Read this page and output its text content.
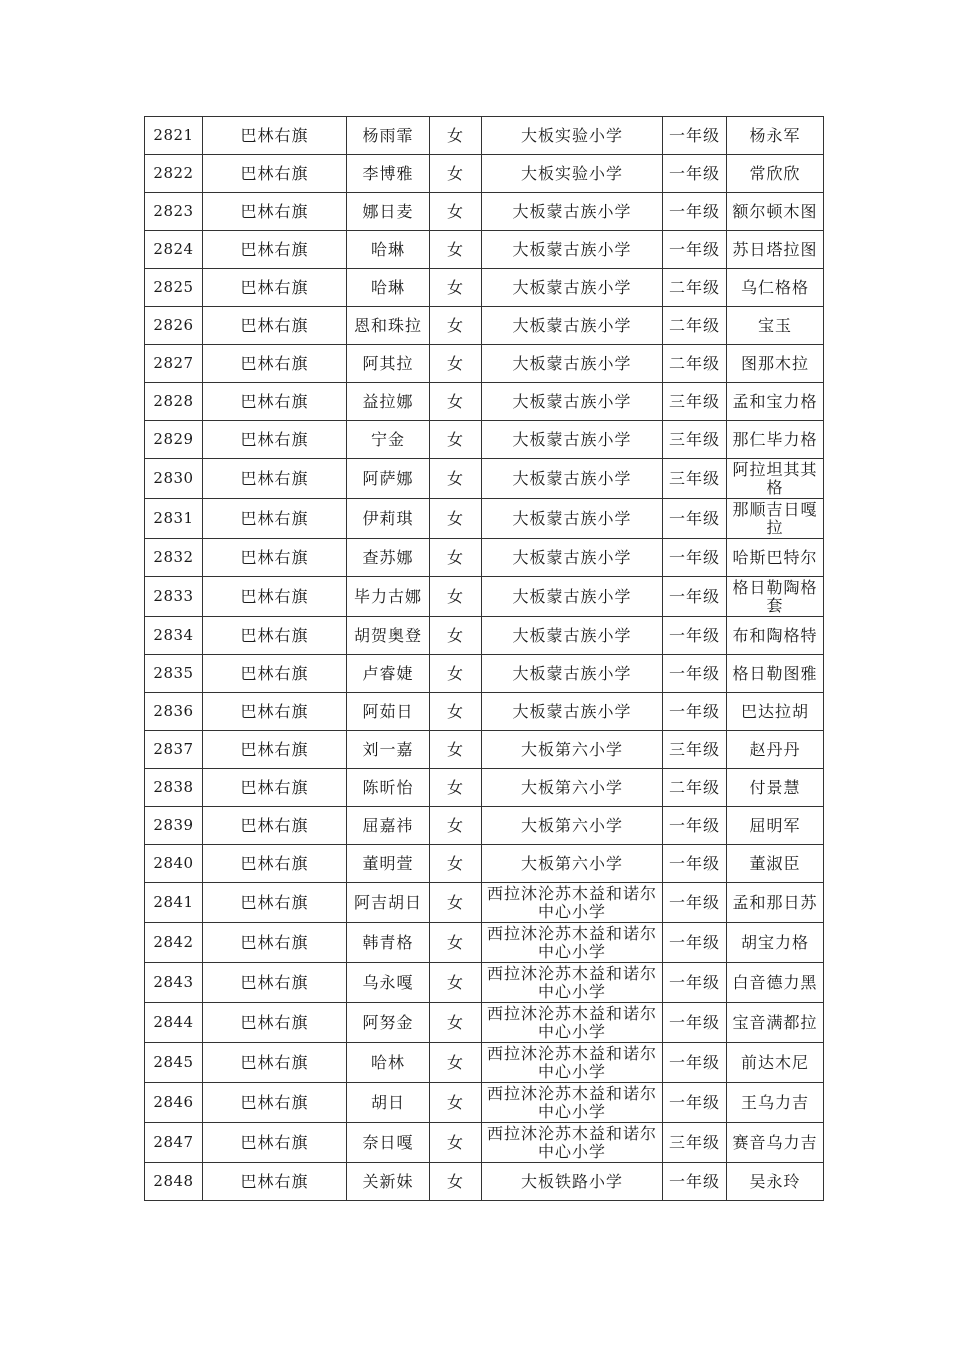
2821	巴林右旗	杨雨霏	女	大板实验小学	一年级	杨永军
2822	巴林右旗	李博雅	女	大板实验小学	一年级	常欣欣
2823	巴林右旗	娜日麦	女	大板蒙古族小学	一年级	额尔顿木图
2824	巴林右旗	哈琳	女	大板蒙古族小学	一年级	苏日塔拉图
2825	巴林右旗	哈琳	女	大板蒙古族小学	二年级	乌仁格格
2826	巴林右旗	恩和珠拉	女	大板蒙古族小学	二年级	宝玉
2827	巴林右旗	阿其拉	女	大板蒙古族小学	二年级	图那木拉
2828	巴林右旗	益拉娜	女	大板蒙古族小学	三年级	孟和宝力格
2829	巴林右旗	宁金	女	大板蒙古族小学	三年级	那仁毕力格
2830	巴林右旗	阿萨娜	女	大板蒙古族小学	三年级	阿拉坦其其格
2831	巴林右旗	伊莉琪	女	大板蒙古族小学	一年级	那顺吉日嘎拉
2832	巴林右旗	查苏娜	女	大板蒙古族小学	一年级	哈斯巴特尔
2833	巴林右旗	毕力古娜	女	大板蒙古族小学	一年级	格日勒陶格套
2834	巴林右旗	胡贺奥登	女	大板蒙古族小学	一年级	布和陶格特
2835	巴林右旗	卢睿婕	女	大板蒙古族小学	一年级	格日勒图雅
2836	巴林右旗	阿茹日	女	大板蒙古族小学	一年级	巴达拉胡
2837	巴林右旗	刘一嘉	女	大板第六小学	三年级	赵丹丹
2838	巴林右旗	陈昕怡	女	大板第六小学	二年级	付景慧
2839	巴林右旗	屈嘉祎	女	大板第六小学	一年级	屈明军
2840	巴林右旗	董明萱	女	大板第六小学	一年级	董淑臣
2841	巴林右旗	阿吉胡日	女	西拉沐沦苏木益和诺尔中心小学	一年级	孟和那日苏
2842	巴林右旗	韩青格	女	西拉沐沦苏木益和诺尔中心小学	一年级	胡宝力格
2843	巴林右旗	乌永嘎	女	西拉沐沦苏木益和诺尔中心小学	一年级	白音德力黑
2844	巴林右旗	阿努金	女	西拉沐沦苏木益和诺尔中心小学	一年级	宝音满都拉
2845	巴林右旗	哈林	女	西拉沐沦苏木益和诺尔中心小学	一年级	前达木尼
2846	巴林右旗	胡日	女	西拉沐沦苏木益和诺尔中心小学	一年级	王乌力吉
2847	巴林右旗	奈日嘎	女	西拉沐沦苏木益和诺尔中心小学	三年级	赛音乌力吉
2848	巴林右旗	关新妹	女	大板铁路小学	一年级	吴永玲
